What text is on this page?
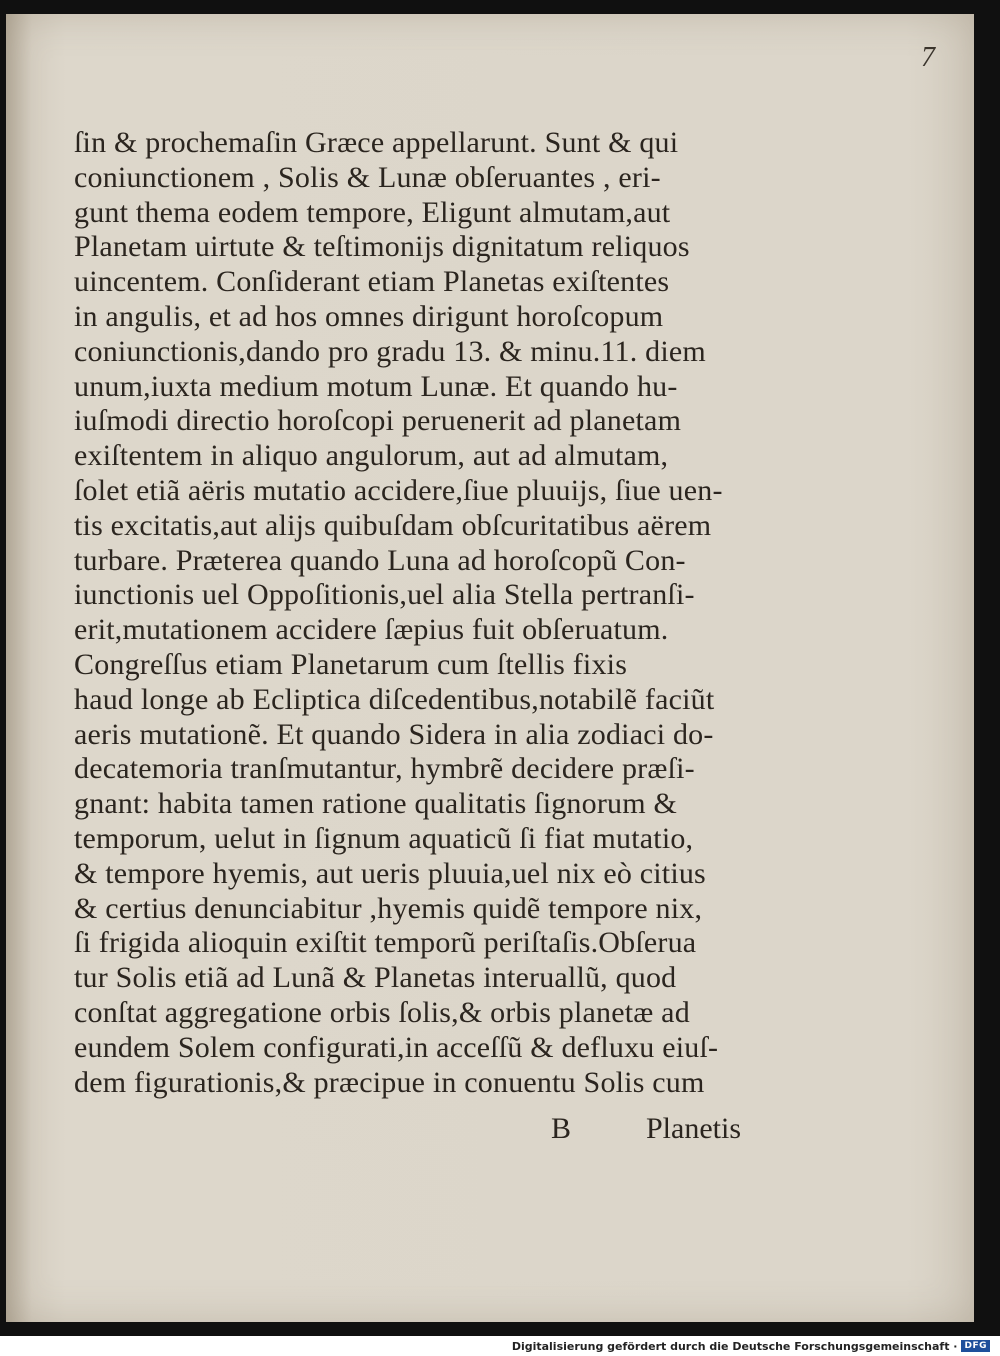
7
ſin & prochemaſin Græce appellarunt. Sunt & qui
coniunctionem , Solis & Lunæ obſeruantes , eri-
gunt thema eodem tempore, Eligunt almutam,aut
Planetam uirtute & teſtimonijs dignitatum reliquos
uincentem. Conſiderant etiam Planetas exiſtentes
in angulis, et ad hos omnes dirigunt horoſcopum
coniunctionis,dando pro gradu 13. & minu.11. diem
unum,iuxta medium motum Lunæ. Et quando hu-
iuſmodi directio horoſcopi peruenerit ad planetam
exiſtentem in aliquo angulorum, aut ad almutam,
ſolet etiã aëris mutatio accidere,ſiue pluuijs, ſiue uen-
tis excitatis,aut alijs quibuſdam obſcuritatibus aërem
turbare. Præterea quando Luna ad horoſcopũ Con-
iunctionis uel Oppoſitionis,uel alia Stella pertranſi-
erit,mutationem accidere ſæpius fuit obſeruatum.
Congreſſus etiam Planetarum cum ſtellis fixis
haud longe ab Ecliptica diſcedentibus,notabilẽ faciũt
aeris mutationẽ. Et quando Sidera in alia zodiaci do-
decatemoria tranſmutantur, hymbrẽ decidere præſi-
gnant: habita tamen ratione qualitatis ſignorum &
temporum, uelut in ſignum aquaticũ ſi fiat mutatio,
& tempore hyemis, aut ueris pluuia,uel nix eò citius
& certius denunciabitur ,hyemis quidẽ tempore nix,
ſi frigida alioquin exiſtit temporũ periſtaſis.Obſerua
tur Solis etiã ad Lunã & Planetas interuallũ, quod
conſtat aggregatione orbis ſolis,& orbis planetæ ad
eundem Solem configurati,in acceſſũ & defluxu eiuſ-
dem figurationis,& præcipue in conuentu Solis cum
B Planetis
Digitalisierung gefördert durch die Deutsche Forschungsgemeinschaft · DFG
